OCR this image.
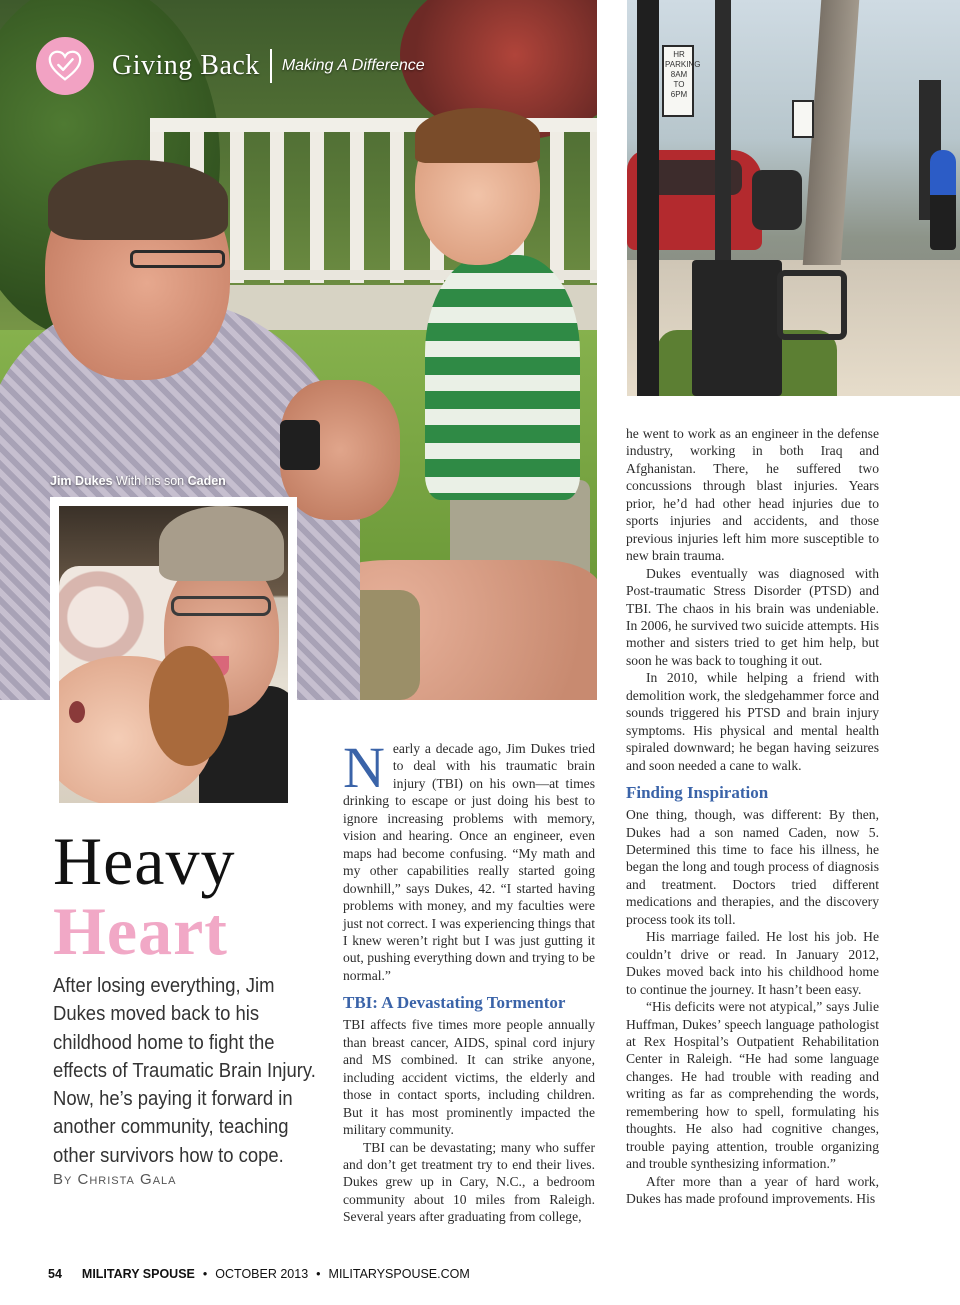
Giving Back Making A Difference
HR PARKING 8AM TO 6PM
Jim Dukes With his son Caden
Heavy
Heart
After losing everything, Jim Dukes moved back to his childhood home to fight the effects of Traumatic Brain Injury. Now, he’s paying it forward in another community, teaching other survivors how to cope.
By Christa Gala

Nearly a decade ago, Jim Dukes tried to deal with his traumatic brain injury (TBI) on his own—at times drinking to escape or just doing his best to ignore increasing problems with memory, vision and hearing. Once an engineer, even maps had become confusing. “My math and my other capabilities really started going downhill,” says Dukes, 42. “I started having problems with money, and my faculties were just not correct. I was experiencing things that I knew weren’t right but I was just gutting it out, pushing everything down and trying to be normal.”

TBI: A Devastating Tormentor

TBI affects five times more people annually than breast cancer, AIDS, spinal cord injury and MS combined. It can strike anyone, including accident victims, the elderly and those in contact sports, including children. But it has most prominently impacted the military community.

TBI can be devastating; many who suffer and don’t get treatment try to end their lives. Dukes grew up in Cary, N.C., a bedroom community about 10 miles from Raleigh. Several years after graduating from college,

he went to work as an engineer in the defense industry, working in both Iraq and Afghanistan. There, he suffered two concussions through blast injuries. Years prior, he’d had other head injuries due to sports injuries and accidents, and those previous injuries left him more susceptible to new brain trauma.

Dukes eventually was diagnosed with Post-traumatic Stress Disorder (PTSD) and TBI. The chaos in his brain was undeniable. In 2006, he survived two suicide attempts. His mother and sisters tried to get him help, but soon he was back to toughing it out.

In 2010, while helping a friend with demolition work, the sledgehammer force and sounds triggered his PTSD and brain injury symptoms. His physical and mental health spiraled downward; he began having seizures and soon needed a cane to walk.

Finding Inspiration

One thing, though, was different: By then, Dukes had a son named Caden, now 5. Determined this time to face his illness, he began the long and tough process of diagnosis and treatment. Doctors tried different medications and therapies, and the discovery process took its toll.

His marriage failed. He lost his job. He couldn’t drive or read. In January 2012, Dukes moved back into his childhood home to continue the journey. It hasn’t been easy.

“His deficits were not atypical,” says Julie Huffman, Dukes’ speech language pathologist at Rex Hospital’s Outpatient Rehabilitation Center in Raleigh. “He had some language changes. He had trouble with reading and writing as far as comprehending the words, remembering how to spell, formulating his thoughts. He also had cognitive changes, trouble paying attention, trouble organizing and trouble synthesizing information.”

After more than a year of hard work, Dukes has made profound improvements. His

54 MILITARY SPOUSE • OCTOBER 2013 • MILITARYSPOUSE.COM
